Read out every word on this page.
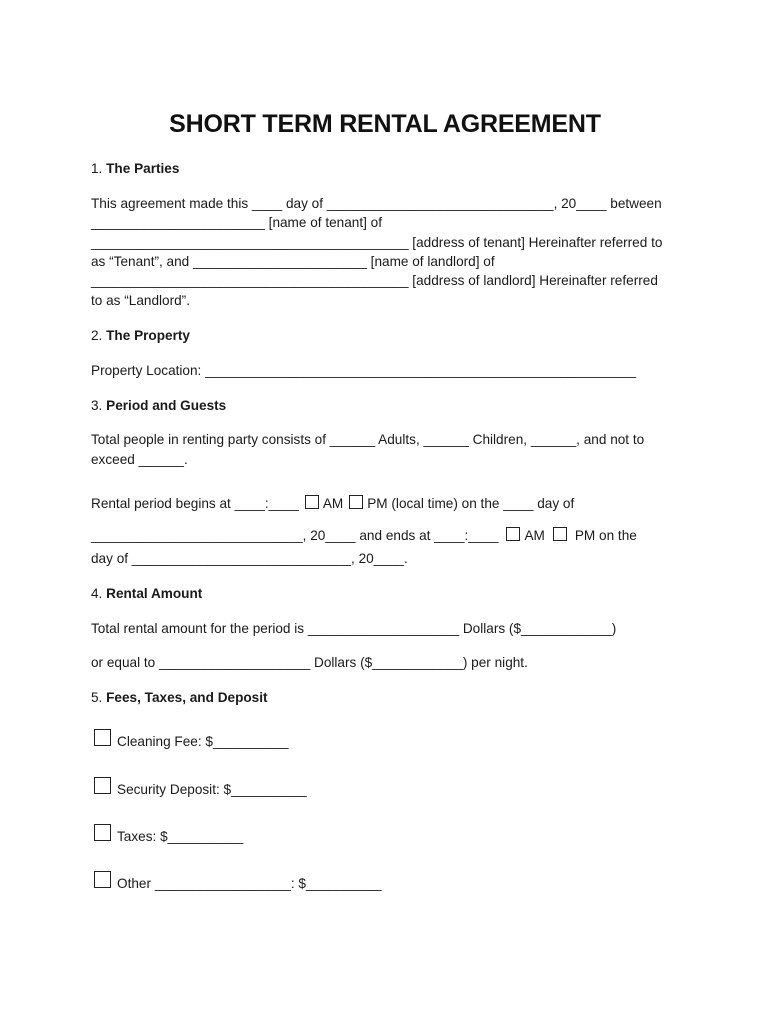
SHORT TERM RENTAL AGREEMENT
1. The Parties
This agreement made this ____ day of ______________________________, 20____ between
_______________________ [name of tenant] of
__________________________________________ [address of tenant] Hereinafter referred to
as “Tenant”, and _______________________ [name of landlord] of
__________________________________________ [address of landlord] Hereinafter referred
to as “Landlord”.
2. The Property
Property Location: _________________________________________________________
3. Period and Guests
Total people in renting party consists of ______ Adults, ______ Children, ______, and not to
exceed ______.
Rental period begins at ____:____ AM PM (local time) on the ____ day of
____________________________, 20____ and ends at ____:____ AM PM on the
day of _____________________________, 20____.
4. Rental Amount
Total rental amount for the period is ____________________ Dollars ($____________)
or equal to ____________________ Dollars ($____________) per night.
5. Fees, Taxes, and Deposit
Cleaning Fee: $__________
Security Deposit: $__________
Taxes: $__________
Other __________________: $__________
